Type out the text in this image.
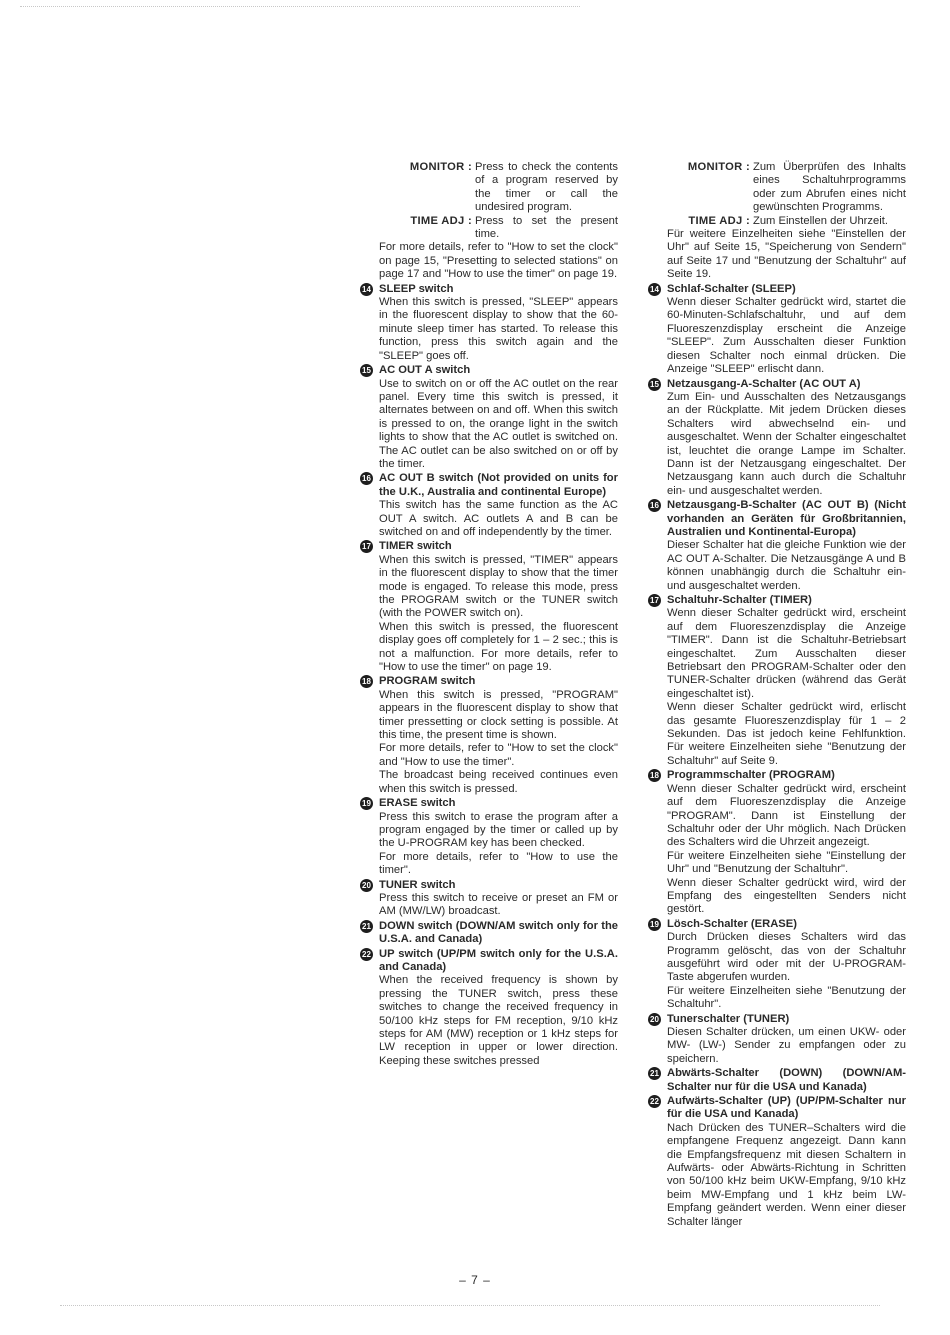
MONITOR : Press to check the contents of a program reserved by the timer or call the undesired program.
TIME ADJ : Press to set the present time.

For more details, refer to "How to set the clock" on page 15, "Presetting to selected stations" on page 17 and "How to use the timer" on page 19.

14 SLEEP switch
When this switch is pressed, "SLEEP" appears in the fluorescent display to show that the 60-minute sleep timer has started. To release this function, press this switch again and the "SLEEP" goes off.
15 AC OUT A switch
Use to switch on or off the AC outlet on the rear panel. Every time this switch is pressed, it alternates between on and off. When this switch is pressed to on, the orange light in the switch lights to show that the AC outlet is switched on. The AC outlet can be also switched on or off by the timer.
16 AC OUT B switch (Not provided on units for the U.K., Australia and continental Europe)
This switch has the same function as the AC OUT A switch. AC outlets A and B can be switched on and off independently by the timer.
17 TIMER switch
When this switch is pressed, "TIMER" appears in the fluorescent display to show that the timer mode is engaged. To release this mode, press the PROGRAM switch or the TUNER switch (with the POWER switch on).
When this switch is pressed, the fluorescent display goes off completely for 1 – 2 sec.; this is not a malfunction. For more details, refer to "How to use the timer" on page 19.
18 PROGRAM switch
When this switch is pressed, "PROGRAM" appears in the fluorescent display to show that timer pressetting or clock setting is possible. At this time, the present time is shown.
For more details, refer to "How to set the clock" and "How to use the timer".
The broadcast being received continues even when this switch is pressed.
19 ERASE switch
Press this switch to erase the program after a program engaged by the timer or called up by the U-PROGRAM key has been checked.
For more details, refer to "How to use the timer".
20 TUNER switch
Press this switch to receive or preset an FM or AM (MW/LW) broadcast.
21 DOWN switch (DOWN/AM switch only for the U.S.A. and Canada)
22 UP switch (UP/PM switch only for the U.S.A. and Canada)
When the received frequency is shown by pressing the TUNER switch, press these switches to change the received frequency in 50/100 kHz steps for FM reception, 9/10 kHz steps for AM (MW) reception or 1 kHz steps for LW reception in upper or lower direction. Keeping these switches pressed
MONITOR : Zum Überprüfen des Inhalts eines Schaltuhrprogramms oder zum Abrufen eines nicht gewünschten Programms.
TIME ADJ : Zum Einstellen der Uhrzeit.

Für weitere Einzelheiten siehe "Einstellen der Uhr" auf Seite 15, "Speicherung von Sendern" auf Seite 17 und "Benutzung der Schaltuhr" auf Seite 19.

14 Schlaf-Schalter (SLEEP)
Wenn dieser Schalter gedrückt wird, startet die 60-Minuten-Schlafschaltuhr, und auf dem Fluoreszenzdisplay erscheint die Anzeige "SLEEP". Zum Ausschalten dieser Funktion diesen Schalter noch einmal drücken. Die Anzeige "SLEEP" erlischt dann.
15 Netzausgang-A-Schalter (AC OUT A)
Zum Ein- und Ausschalten des Netzausgangs an der Rückplatte. Mit jedem Drücken dieses Schalters wird abwechselnd ein- und ausgeschaltet. Wenn der Schalter eingeschaltet ist, leuchtet die orange Lampe im Schalter. Dann ist der Netzausgang eingeschaltet. Der Netzausgang kann auch durch die Schaltuhr ein- und ausgeschaltet werden.
16 Netzausgang-B-Schalter (AC OUT B) (Nicht vorhanden an Geräten für Großbritannien, Australien und Kontinental-Europa)
Dieser Schalter hat die gleiche Funktion wie der AC OUT A-Schalter. Die Netzausgänge A und B können unabhängig durch die Schaltuhr ein- und ausgeschaltet werden.
17 Schaltuhr-Schalter (TIMER)
Wenn dieser Schalter gedrückt wird, erscheint auf dem Fluoreszenzdisplay die Anzeige "TIMER". Dann ist die Schaltuhr-Betriebsart eingeschaltet. Zum Ausschalten dieser Betriebsart den PROGRAM-Schalter oder den TUNER-Schalter drücken (während das Gerät eingeschaltet ist).
Wenn dieser Schalter gedrückt wird, erlischt das gesamte Fluoreszenzdisplay für 1 – 2 Sekunden. Das ist jedoch keine Fehlfunktion. Für weitere Einzelheiten siehe "Benutzung der Schaltuhr" auf Seite 9.
18 Programmschalter (PROGRAM)
Wenn dieser Schalter gedrückt wird, erscheint auf dem Fluoreszenzdisplay die Anzeige "PROGRAM". Dann ist Einstellung der Schaltuhr oder der Uhr möglich. Nach Drücken des Schalters wird die Uhrzeit angezeigt.
Für weitere Einzelheiten siehe "Einstellung der Uhr" und "Benutzung der Schaltuhr".
Wenn dieser Schalter gedrückt wird, wird der Empfang des eingestellten Senders nicht gestört.
19 Lösch-Schalter (ERASE)
Durch Drücken dieses Schalters wird das Programm gelöscht, das von der Schaltuhr ausgeführt wird oder mit der U-PROGRAM-Taste abgerufen wurden.
Für weitere Einzelheiten siehe "Benutzung der Schaltuhr".
20 Tunerschalter (TUNER)
Diesen Schalter drücken, um einen UKW- oder MW- (LW-) Sender zu empfangen oder zu speichern.
21 Abwärts-Schalter (DOWN) (DOWN/AM-Schalter nur für die USA und Kanada)
22 Aufwärts-Schalter (UP) (UP/PM-Schalter nur für die USA und Kanada)
Nach Drücken des TUNER–Schalters wird die empfangene Frequenz angezeigt. Dann kann die Empfangsfrequenz mit diesen Schaltern in Aufwärts- oder Abwärts-Richtung in Schritten von 50/100 kHz beim UKW-Empfang, 9/10 kHz beim MW-Empfang und 1 kHz beim LW-Empfang geändert werden. Wenn einer dieser Schalter länger
– 7 –
